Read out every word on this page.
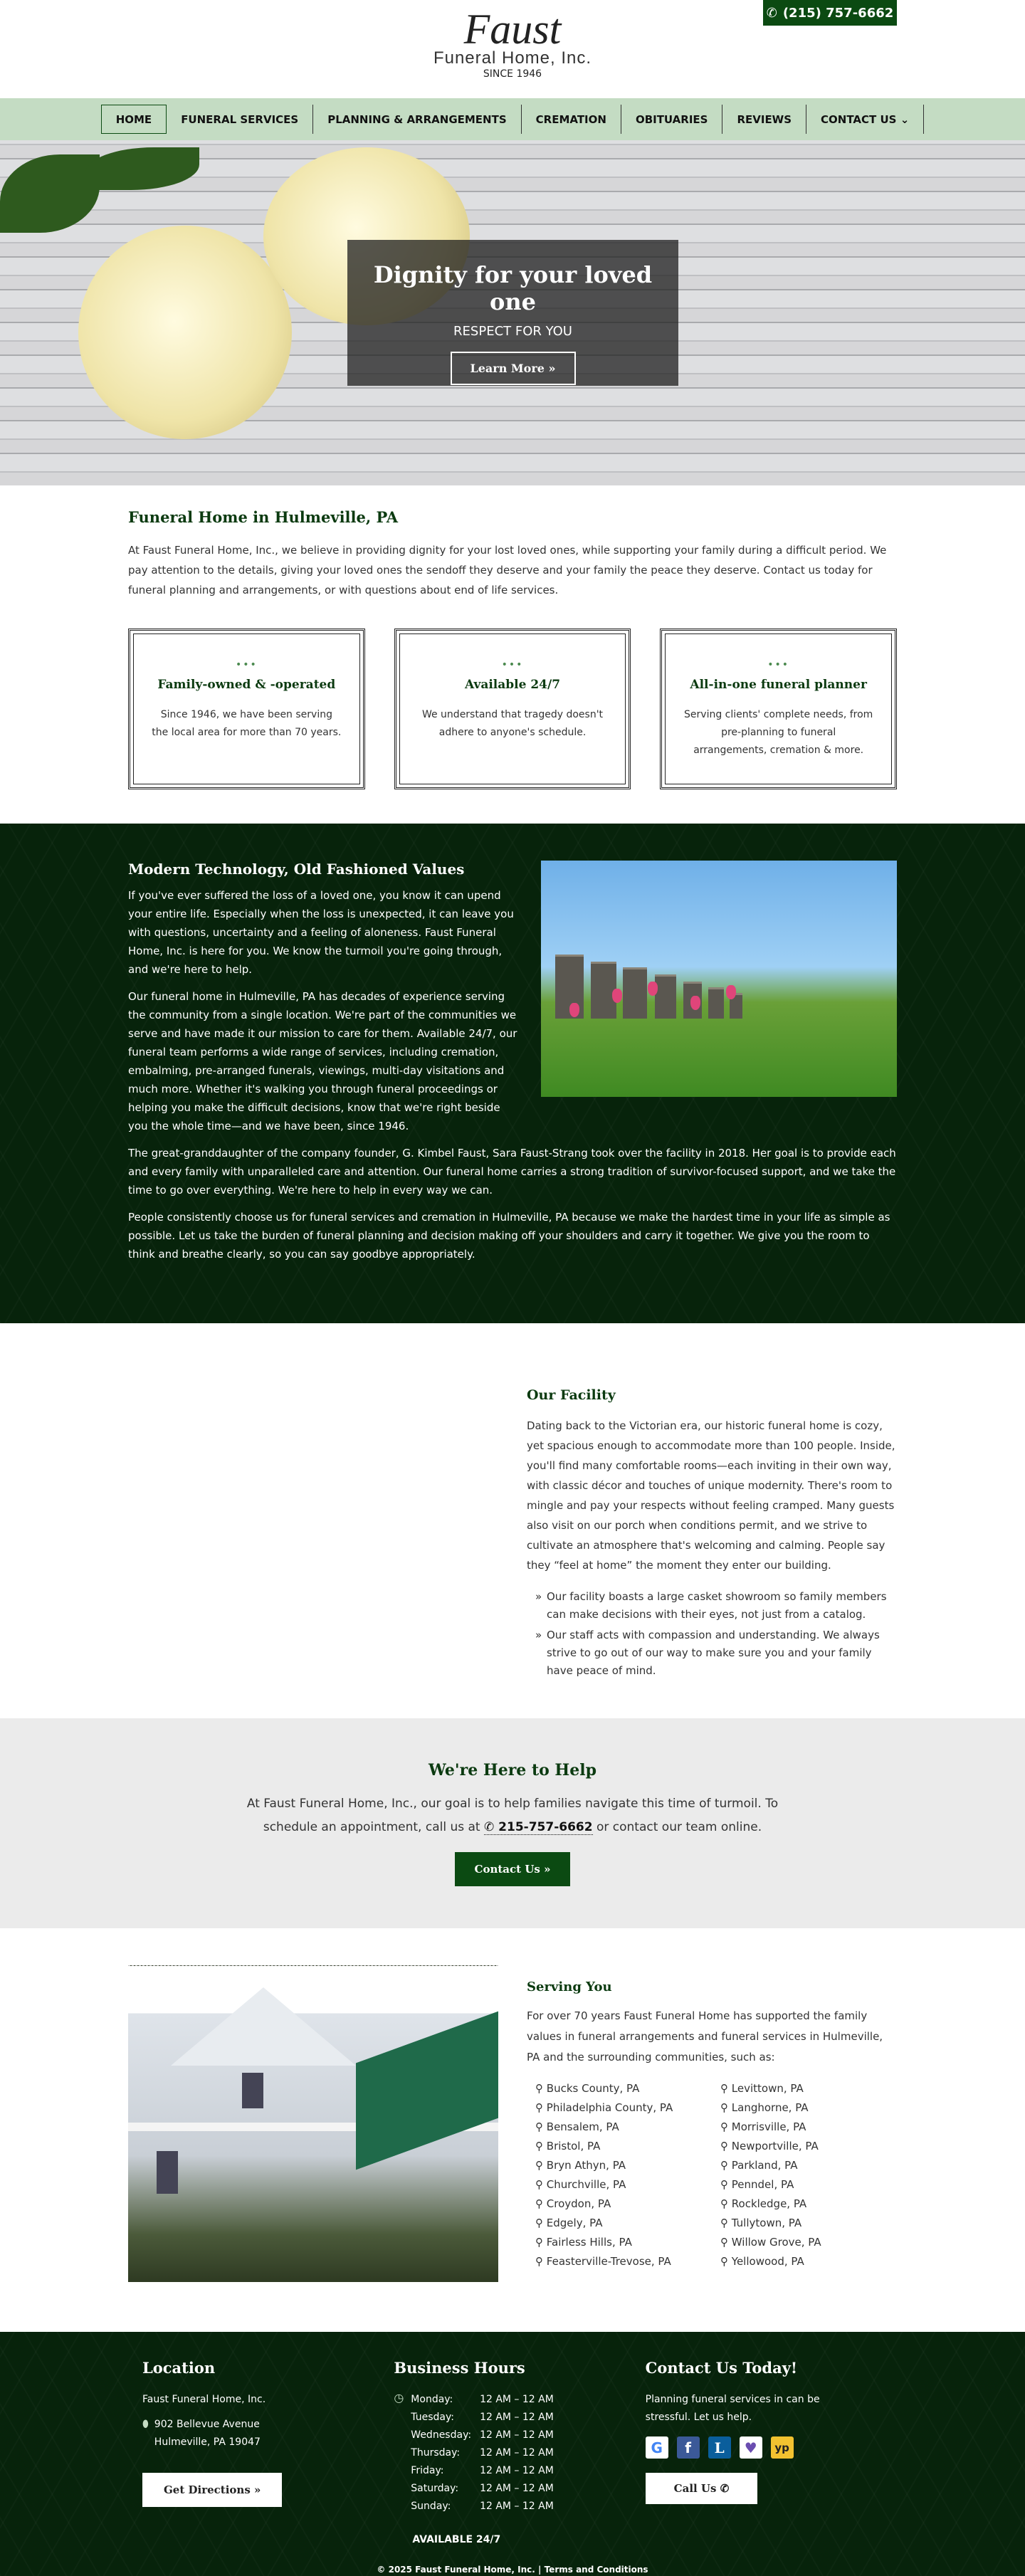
Faust
Funeral Home, Inc.
SINCE 1946
✆ (215) 757-6662
HOME	FUNERAL SERVICES	PLANNING & ARRANGEMENTS	CREMATION	OBITUARIES	REVIEWS	CONTACT US
⌄
Dignity for your loved one

RESPECT FOR YOU

Learn More »
Funeral Home in Hulmeville, PA

At Faust Funeral Home, Inc., we believe in providing dignity for your lost loved ones, while supporting your family during a difficult period. We pay attention to the details, giving your loved ones the sendoff they deserve and your family the peace they deserve. Contact us today for funeral planning and arrangements, or with questions about end of life services.

•••
Family-owned & -operated

Since 1946, we have been serving the local area for more than 70 years.

•••
Available 24/7

We understand that tragedy doesn't adhere to anyone's schedule.

•••
All-in-one funeral planner

Serving clients' complete needs, from pre-planning to funeral arrangements, cremation & more.

Modern Technology, Old Fashioned Values

If you've ever suffered the loss of a loved one, you know it can upend your entire life. Especially when the loss is unexpected, it can leave you with questions, uncertainty and a feeling of aloneness. Faust Funeral Home, Inc. is here for you. We know the turmoil you're going through, and we're here to help.

Our funeral home in Hulmeville, PA has decades of experience serving the community from a single location. We're part of the communities we serve and have made it our mission to care for them. Available 24/7, our funeral team performs a wide range of services, including cremation, embalming, pre-arranged funerals, viewings, multi-day visitations and much more. Whether it's walking you through funeral proceedings or helping you make the difficult decisions, know that we're right beside you the whole time—and we have been, since 1946.

The great-granddaughter of the company founder, G. Kimbel Faust, Sara Faust-Strang took over the facility in 2018. Her goal is to provide each and every family with unparalleled care and attention. Our funeral home carries a strong tradition of survivor-focused support, and we take the time to go over everything. We're here to help in every way we can.

People consistently choose us for funeral services and cremation in Hulmeville, PA because we make the hardest time in your life as simple as possible. Let us take the burden of funeral planning and decision making off your shoulders and carry it together. We give you the room to think and breathe clearly, so you can say goodbye appropriately.

Our Facility

Dating back to the Victorian era, our historic funeral home is cozy, yet spacious enough to accommodate more than 100 people. Inside, you'll find many comfortable rooms—each inviting in their own way, with classic décor and touches of unique modernity. There's room to mingle and pay your respects without feeling cramped. Many guests also visit on our porch when conditions permit, and we strive to cultivate an atmosphere that's welcoming and calming. People say they “feel at home” the moment they enter our building.

» Our facility boasts a large casket showroom so family members can make decisions with their eyes, not just from a catalog.
» Our staff acts with compassion and understanding. We always strive to go out of our way to make sure you and your family have peace of mind.
We're Here to Help

At Faust Funeral Home, Inc., our goal is to help families navigate this time of turmoil. To schedule an appointment, call us at ✆ 215-757-6662 or contact our team online.

Contact Us »
Serving You

For over 70 years Faust Funeral Home has supported the family values in funeral arrangements and funeral services in Hulmeville, PA and the surrounding communities, such as:

⚲ Bucks County, PA	⚲ Levittown, PA
⚲ Philadelphia County, PA	⚲ Langhorne, PA
⚲ Bensalem, PA	⚲ Morrisville, PA
⚲ Bristol, PA	⚲ Newportville, PA
⚲ Bryn Athyn, PA	⚲ Parkland, PA
⚲ Churchville, PA	⚲ Penndel, PA
⚲ Croydon, PA	⚲ Rockledge, PA
⚲ Edgely, PA	⚲ Tullytown, PA
⚲ Fairless Hills, PA	⚲ Willow Grove, PA
⚲ Feasterville-Trevose, PA	⚲ Yellowood, PA
Location

Faust Funeral Home, Inc.

⬮ 902 Bellevue Avenue
Hulmeville, PA 19047

Get Directions »
Business Hours
◷ Monday:	12 AM – 12 AM
Tuesday:	12 AM – 12 AM
Wednesday:	12 AM – 12 AM
Thursday:	12 AM – 12 AM
Friday:	12 AM – 12 AM
Saturday:	12 AM – 12 AM
Sunday:	12 AM – 12 AM

AVAILABLE 24/7

Contact Us Today!

Planning funeral services in can be stressful. Let us help.

G	f	L	♥	yp
Call Us ✆
© 2025 Faust Funeral Home, Inc. | Terms and Conditions
